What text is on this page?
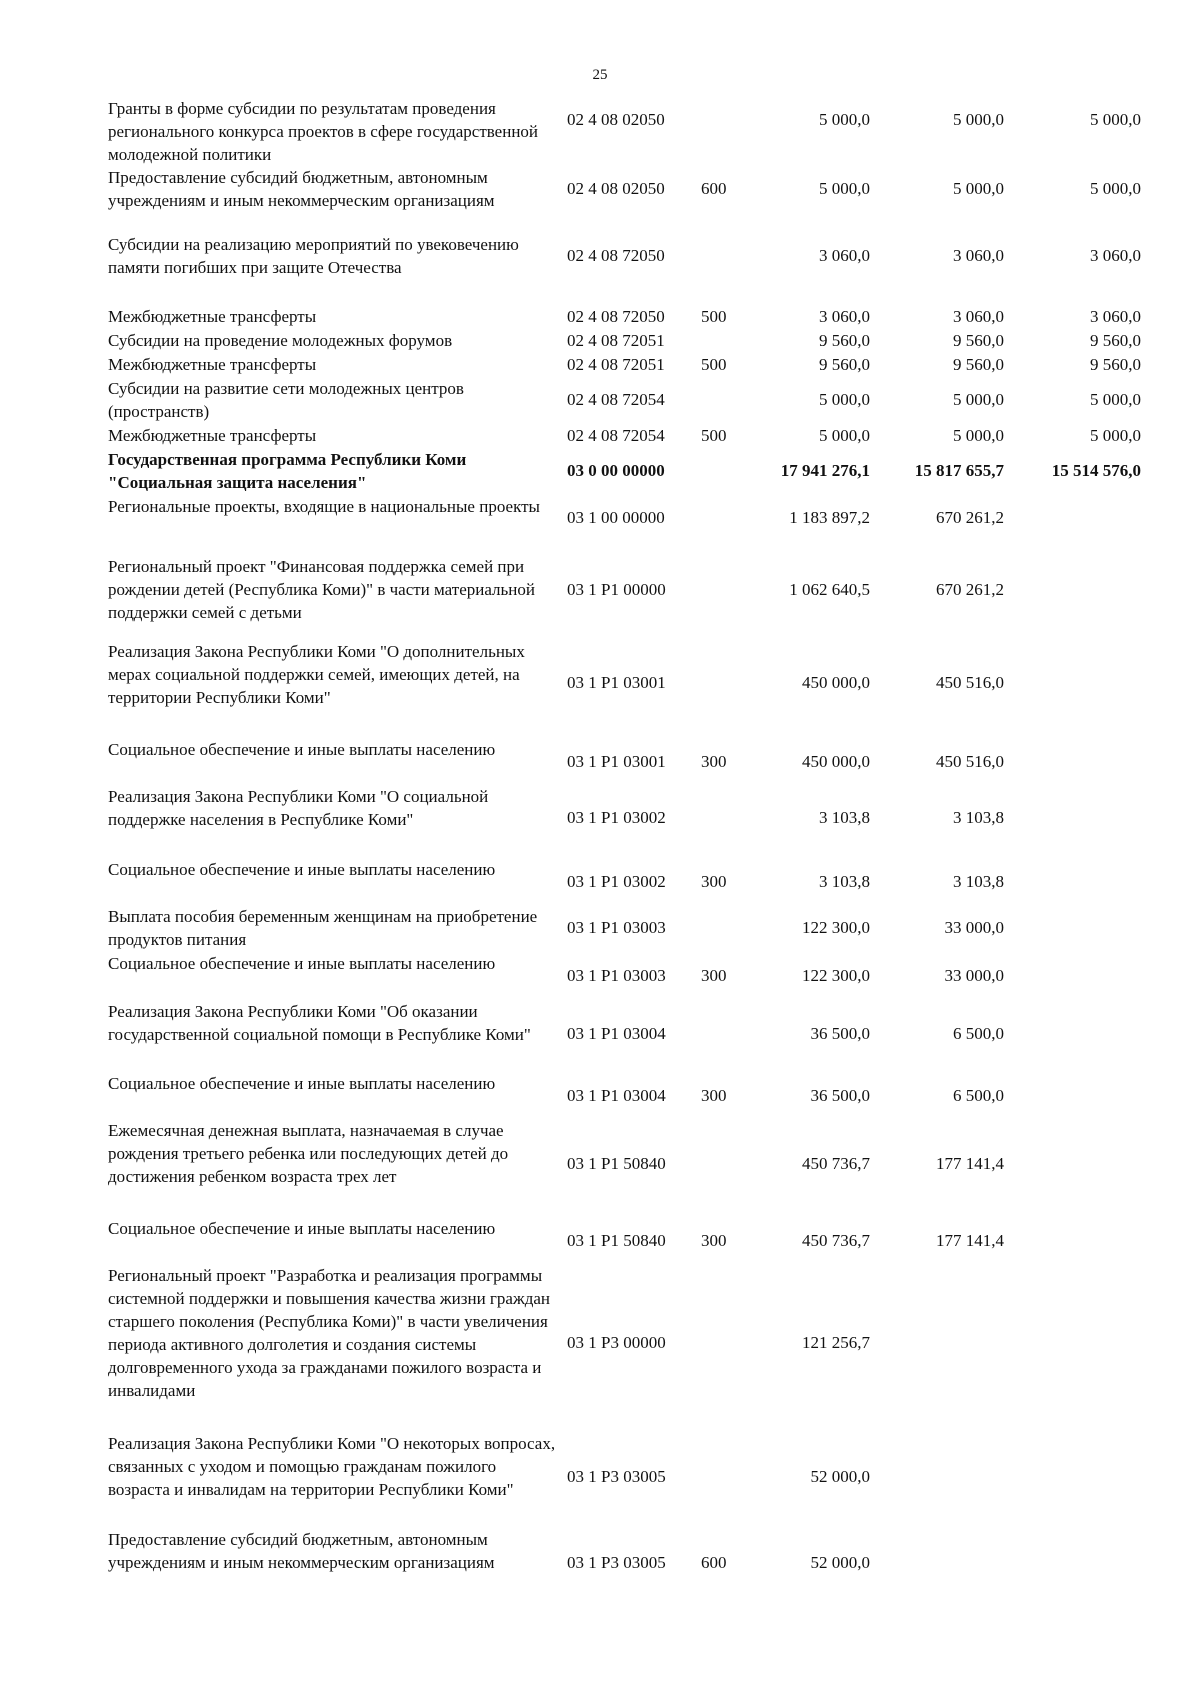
25
Гранты в форме субсидии по результатам проведения регионального конкурса проектов в сфере государственной молодежной политики
02 4 08 02050	5 000,0	5 000,0	5 000,0
Предоставление субсидий бюджетным, автономным учреждениям и иным некоммерческим организациям
02 4 08 02050 600	5 000,0	5 000,0	5 000,0
Субсидии на реализацию мероприятий по увековечению памяти погибших при защите Отечества
02 4 08 72050	3 060,0	3 060,0	3 060,0
Межбюджетные трансферты	02 4 08 72050 500	3 060,0	3 060,0	3 060,0
Субсидии на проведение молодежных форумов	02 4 08 72051	9 560,0	9 560,0	9 560,0
Межбюджетные трансферты	02 4 08 72051 500	9 560,0	9 560,0	9 560,0
Субсидии на развитие сети молодежных центров (пространств)
02 4 08 72054	5 000,0	5 000,0	5 000,0
Межбюджетные трансферты	02 4 08 72054 500	5 000,0	5 000,0	5 000,0
Государственная программа Республики Коми "Социальная защита населения"
03 0 00 00000	17 941 276,1	15 817 655,7	15 514 576,0
Региональные проекты, входящие в национальные проекты
03 1 00 00000	1 183 897,2	670 261,2
Региональный проект "Финансовая поддержка семей при рождении детей (Республика Коми)" в части материальной поддержки семей с детьми
03 1 P1 00000	1 062 640,5	670 261,2
Реализация Закона Республики Коми "О дополнительных мерах социальной поддержки семей, имеющих детей, на территории Республики Коми"
03 1 P1 03001	450 000,0	450 516,0
Социальное обеспечение и иные выплаты населению
03 1 P1 03001 300	450 000,0	450 516,0
Реализация Закона Республики Коми "О социальной поддержке населения в Республике Коми"	03 1 P1 03002	3 103,8	3 103,8
Социальное обеспечение и иные выплаты населению
03 1 P1 03002 300	3 103,8	3 103,8
Выплата пособия беременным женщинам на приобретение продуктов питания
03 1 P1 03003	122 300,0	33 000,0
Социальное обеспечение и иные выплаты населению
03 1 P1 03003 300	122 300,0	33 000,0
Реализация Закона Республики Коми "Об оказании государственной социальной помощи в Республике Коми"	03 1 P1 03004	36 500,0	6 500,0
Социальное обеспечение и иные выплаты населению
03 1 P1 03004 300	36 500,0	6 500,0
Ежемесячная денежная выплата, назначаемая в случае рождения третьего ребенка или последующих детей до достижения ребенком возраста трех лет
03 1 P1 50840	450 736,7	177 141,4
Социальное обеспечение и иные выплаты населению
03 1 P1 50840 300	450 736,7	177 141,4
Региональный проект "Разработка и реализация программы системной поддержки и повышения качества жизни граждан старшего поколения (Республика Коми)" в части увеличения периода активного долголетия и создания системы долговременного ухода за гражданами пожилого возраста и инвалидами
03 1 P3 00000	121 256,7
Реализация Закона Республики Коми "О некоторых вопросах, связанных с уходом и помощью гражданам пожилого возраста и инвалидам на территории Республики Коми"
03 1 P3 03005	52 000,0
Предоставление субсидий бюджетным, автономным учреждениям и иным некоммерческим организациям	03 1 P3 03005 600	52 000,0
